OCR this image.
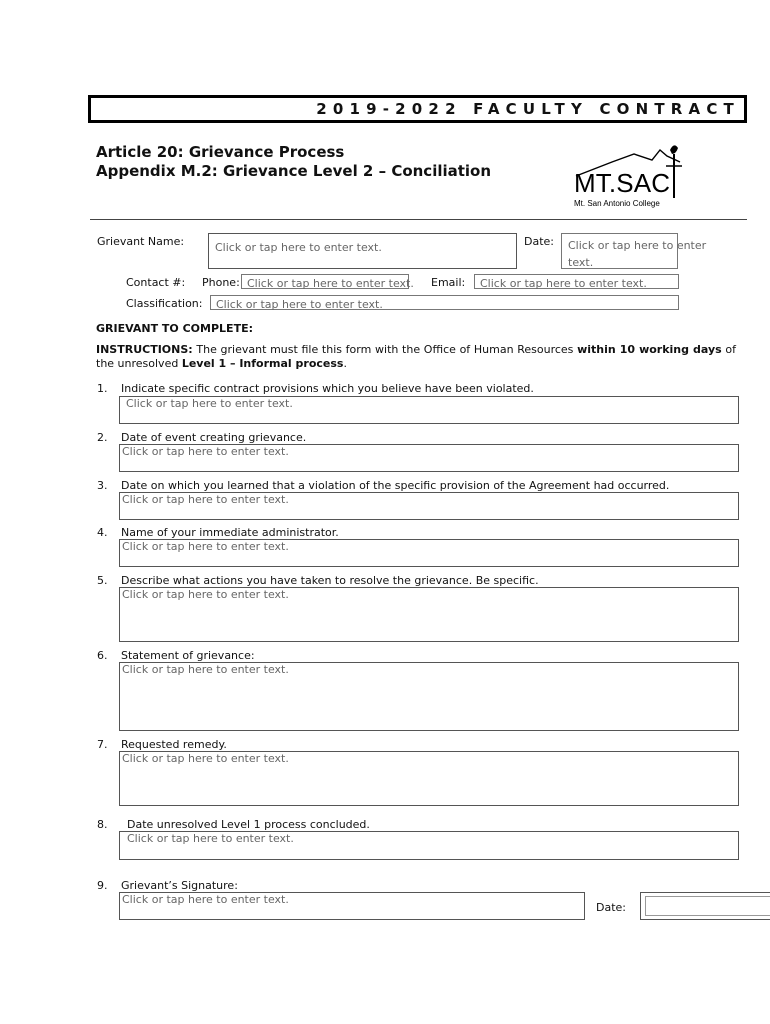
2019-2022 FACULTY CONTRACT
Article 20: Grievance Process
Appendix M.2: Grievance Level 2 – Conciliation	MT.SAC
Mt. San Antonio College
Grievant Name:	Click or tap here to enter text.	Date: Click or tap here to enter
text.
Contact #: Phone: Click or tap here to enter text. Email:	Click or tap here to enter text.
Classification:	Click or tap here to enter text.
GRIEVANT TO COMPLETE:
INSTRUCTIONS: The grievant must file this form with the Office of Human Resources within 10 working days of the unresolved Level 1 – Informal process.
1. Indicate specific contract provisions which you believe have been violated.
Click or tap here to enter text.
2. Date of event creating grievance.
Click or tap here to enter text.
3. Date on which you learned that a violation of the specific provision of the Agreement had occurred.
Click or tap here to enter text.
4. Name of your immediate administrator.
Click or tap here to enter text.
5. Describe what actions you have taken to resolve the grievance. Be specific.
Click or tap here to enter text.
6. Statement of grievance:
Click or tap here to enter text.
7. Requested remedy.
Click or tap here to enter text.
8. Date unresolved Level 1 process concluded.
Click or tap here to enter text.
9. Grievant’s Signature:
Click or tap here to enter text.
Date:
